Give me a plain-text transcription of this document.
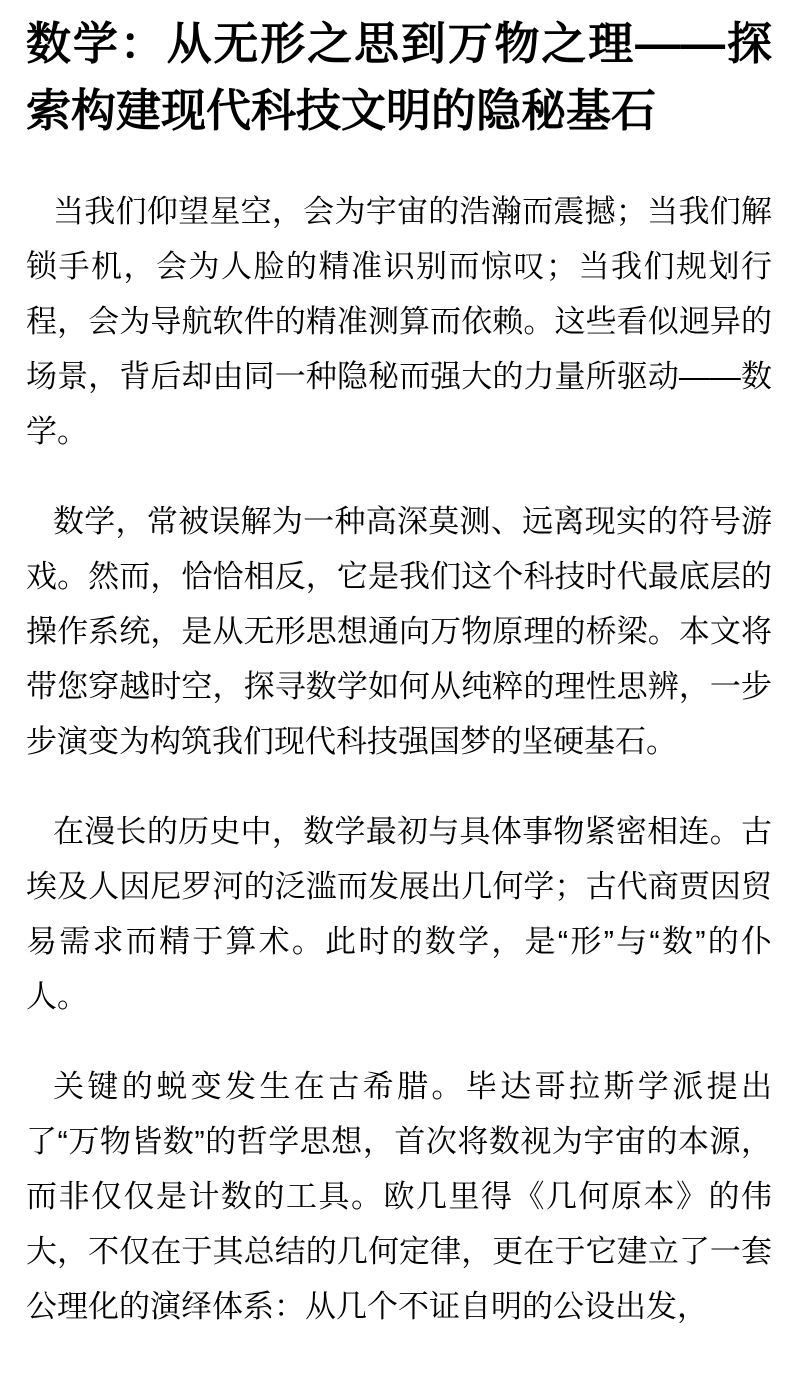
数学：从无形之思到万物之理——探索构建现代科技文明的隐秘基石

当我们仰望星空，会为宇宙的浩瀚而震撼；当我们解锁手机，会为人脸的精准识别而惊叹；当我们规划行程，会为导航软件的精准测算而依赖。这些看似迥异的场景，背后却由同一种隐秘而强大的力量所驱动——数学。

数学，常被误解为一种高深莫测、远离现实的符号游戏。然而，恰恰相反，它是我们这个科技时代最底层的操作系统，是从无形思想通向万物原理的桥梁。本文将带您穿越时空，探寻数学如何从纯粹的理性思辨，一步步演变为构筑我们现代科技强国梦的坚硬基石。

在漫长的历史中，数学最初与具体事物紧密相连。古埃及人因尼罗河的泛滥而发展出几何学；古代商贾因贸易需求而精于算术。此时的数学，是“形”与“数”的仆人。

关键的蜕变发生在古希腊。毕达哥拉斯学派提出了“万物皆数”的哲学思想，首次将数视为宇宙的本源，而非仅仅是计数的工具。欧几里得《几何原本》的伟大，不仅在于其总结的几何定律，更在于它建立了一套公理化的演绎体系：从几个不证自明的公设出发，
